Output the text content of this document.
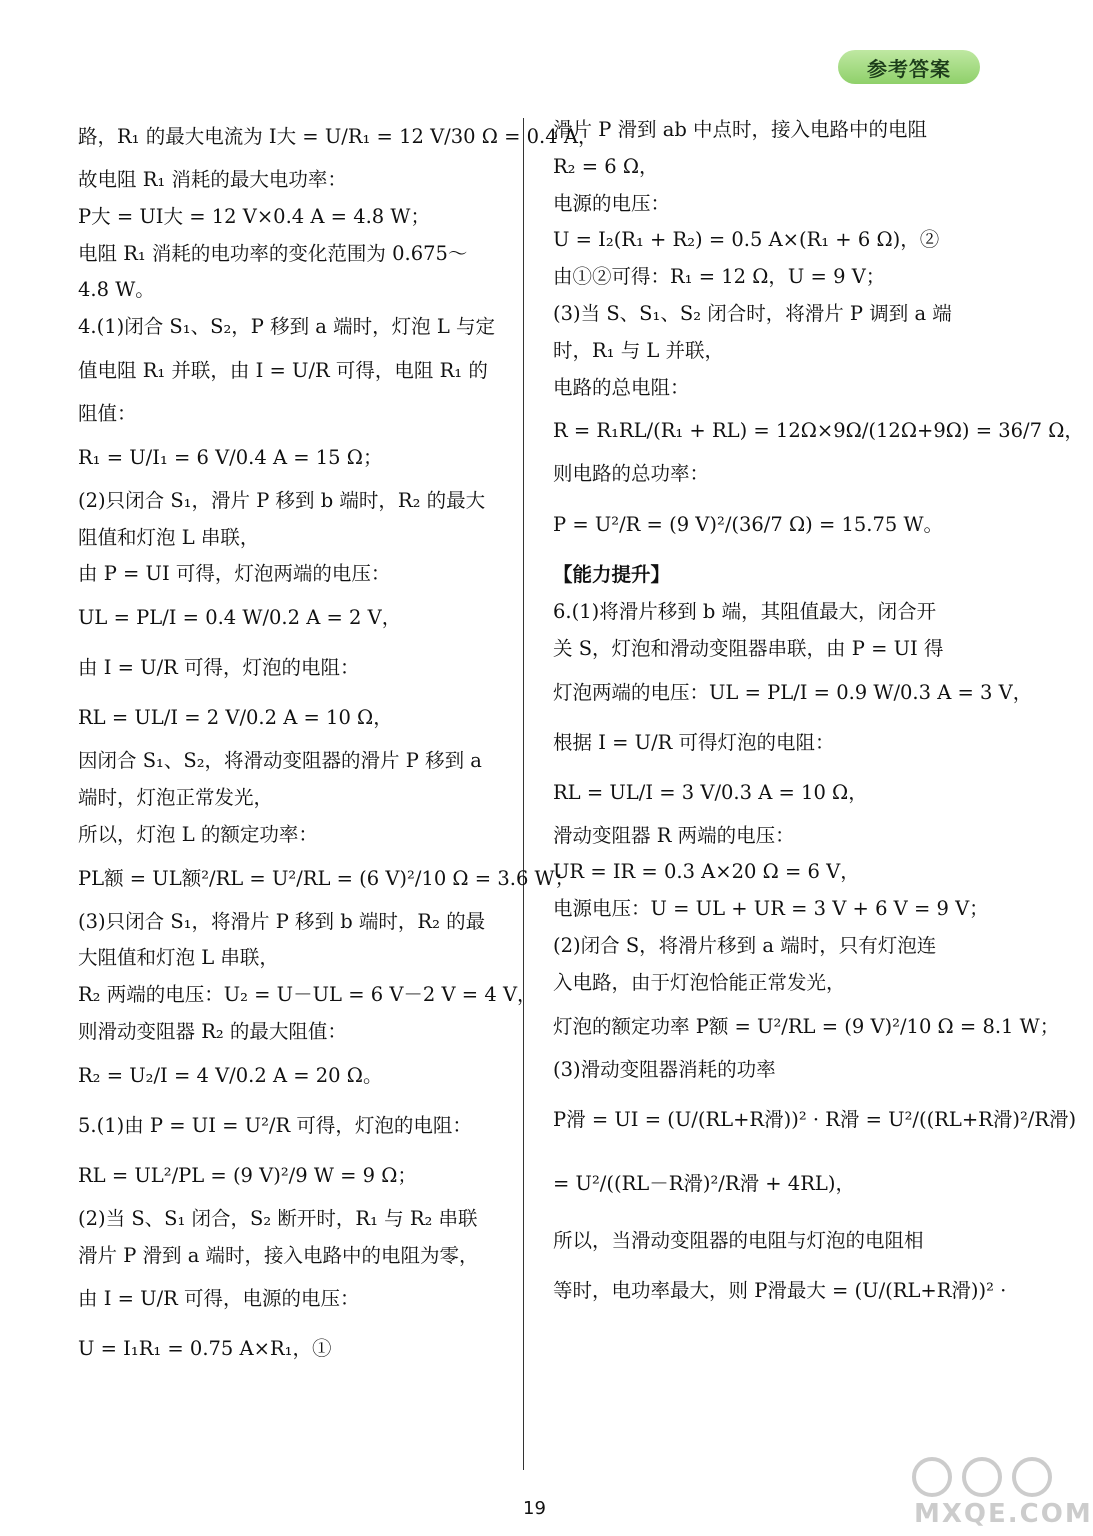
参考答案
路，R₁ 的最大电流为 I大 = U/R₁ = 12 V/30 Ω = 0.4 A，
故电阻 R₁ 消耗的最大电功率：
P大 = UI大 = 12 V×0.4 A = 4.8 W；
电阻 R₁ 消耗的电功率的变化范围为 0.675～
4.8 W。
4.(1)闭合 S₁、S₂，P 移到 a 端时，灯泡 L 与定
值电阻 R₁ 并联，由 I = U/R 可得，电阻 R₁ 的
阻值：
R₁ = U/I₁ = 6 V/0.4 A = 15 Ω；
(2)只闭合 S₁，滑片 P 移到 b 端时，R₂ 的最大
阻值和灯泡 L 串联，
由 P = UI 可得，灯泡两端的电压：
UL = PL/I = 0.4 W/0.2 A = 2 V，
由 I = U/R 可得，灯泡的电阻：
RL = UL/I = 2 V/0.2 A = 10 Ω，
因闭合 S₁、S₂，将滑动变阻器的滑片 P 移到 a
端时，灯泡正常发光，
所以，灯泡 L 的额定功率：
PL额 = UL额²/RL = U²/RL = (6 V)²/10 Ω = 3.6 W；
(3)只闭合 S₁，将滑片 P 移到 b 端时，R₂ 的最
大阻值和灯泡 L 串联，
R₂ 两端的电压：U₂ = U－UL = 6 V－2 V = 4 V，
则滑动变阻器 R₂ 的最大阻值：
R₂ = U₂/I = 4 V/0.2 A = 20 Ω。
5.(1)由 P = UI = U²/R 可得，灯泡的电阻：
RL = UL²/PL = (9 V)²/9 W = 9 Ω；
(2)当 S、S₁ 闭合，S₂ 断开时，R₁ 与 R₂ 串联
滑片 P 滑到 a 端时，接入电路中的电阻为零，
由 I = U/R 可得，电源的电压：
U = I₁R₁ = 0.75 A×R₁，①
滑片 P 滑到 ab 中点时，接入电路中的电阻
R₂ = 6 Ω，
电源的电压：
U = I₂(R₁ + R₂) = 0.5 A×(R₁ + 6 Ω)，②
由①②可得：R₁ = 12 Ω，U = 9 V；
(3)当 S、S₁、S₂ 闭合时，将滑片 P 调到 a 端
时，R₁ 与 L 并联，
电路的总电阻：
R = R₁RL/(R₁ + RL) = 12Ω×9Ω/(12Ω+9Ω) = 36/7 Ω，
则电路的总功率：
P = U²/R = (9 V)²/(36/7 Ω) = 15.75 W。
【能力提升】
6.(1)将滑片移到 b 端，其阻值最大，闭合开
关 S，灯泡和滑动变阻器串联，由 P = UI 得
灯泡两端的电压：UL = PL/I = 0.9 W/0.3 A = 3 V，
根据 I = U/R 可得灯泡的电阻：
RL = UL/I = 3 V/0.3 A = 10 Ω，
滑动变阻器 R 两端的电压：
UR = IR = 0.3 A×20 Ω = 6 V，
电源电压：U = UL + UR = 3 V + 6 V = 9 V；
(2)闭合 S，将滑片移到 a 端时，只有灯泡连
入电路，由于灯泡恰能正常发光，
灯泡的额定功率 P额 = U²/RL = (9 V)²/10 Ω = 8.1 W；
(3)滑动变阻器消耗的功率
P滑 = UI = (U/(RL+R滑))² · R滑 = U²/((RL+R滑)²/R滑)
= U²/((RL－R滑)²/R滑 + 4RL)，
所以，当滑动变阻器的电阻与灯泡的电阻相
等时，电功率最大，则 P滑最大 = (U/(RL+R滑))² ·
19	MXQE.COM
